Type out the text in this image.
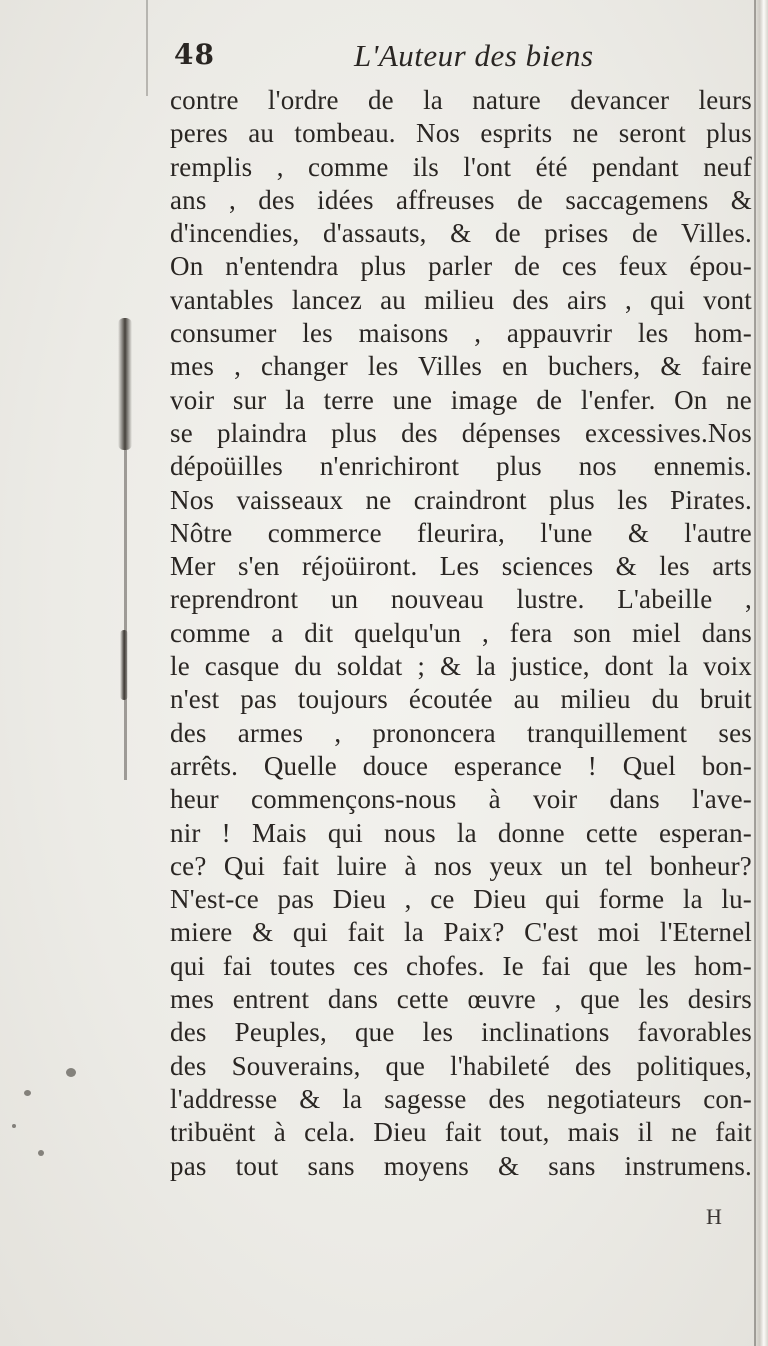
48	L'Auteur des biens
contre l'ordre de la nature devancer leurs
peres au tombeau. Nos esprits ne seront plus
remplis , comme ils l'ont été pendant neuf
ans , des idées affreuses de saccagemens &
d'incendies, d'assauts, & de prises de Villes.
On n'entendra plus parler de ces feux épou-
vantables lancez au milieu des airs , qui vont
consumer les maisons , appauvrir les hom-
mes , changer les Villes en buchers, & faire
voir sur la terre une image de l'enfer. On ne
se plaindra plus des dépenses excessives.Nos
dépoüilles n'enrichiront plus nos ennemis.
Nos vaisseaux ne craindront plus les Pirates.
Nôtre commerce fleurira, l'une & l'autre
Mer s'en réjoüiront. Les sciences & les arts
reprendront un nouveau lustre. L'abeille ,
comme a dit quelqu'un , fera son miel dans
le casque du soldat ; & la justice, dont la voix
n'est pas toujours écoutée au milieu du bruit
des armes , prononcera tranquillement ses
arrêts. Quelle douce esperance ! Quel bon-
heur commençons-nous à voir dans l'ave-
nir ! Mais qui nous la donne cette esperan-
ce? Qui fait luire à nos yeux un tel bonheur?
N'est-ce pas Dieu , ce Dieu qui forme la lu-
miere & qui fait la Paix? C'est moi l'Eternel
qui fai toutes ces chofes. Ie fai que les hom-
mes entrent dans cette œuvre , que les desirs
des Peuples, que les inclinations favorables
des Souverains, que l'habileté des politiques,
l'addresse & la sagesse des negotiateurs con-
tribuënt à cela. Dieu fait tout, mais il ne fait
pas tout sans moyens & sans instrumens.
H
